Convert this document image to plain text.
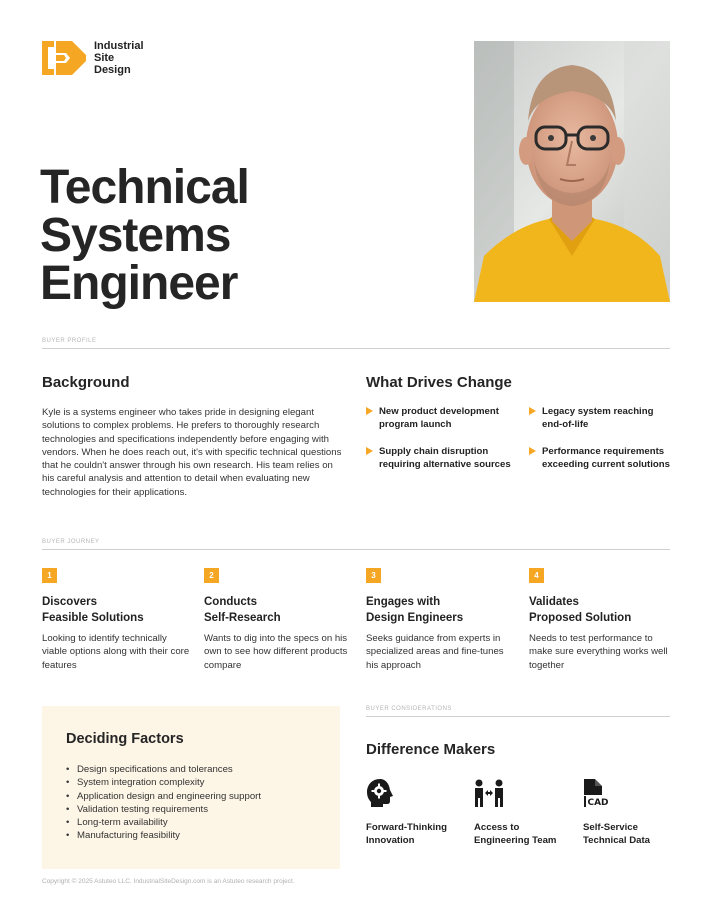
Industrial
Site
Design
Technical
Systems
Engineer
BUYER PROFILE
Background

Kyle is a systems engineer who takes pride in designing elegant solutions to complex problems. He prefers to thoroughly research technologies and specifications independently before engaging with vendors. When he does reach out, it's with specific technical questions that he couldn't answer through his own research. His team relies on his careful analysis and attention to detail when evaluating new technologies for their applications.

What Drives Change
New product development program launch
Legacy system reaching end-of-life
Supply chain disruption requiring alternative sources
Performance requirements exceeding current solutions
BUYER JOURNEY
1
Discovers
Feasible Solutions

Looking to identify technically viable options along with their core features

2
Conducts
Self-Research

Wants to dig into the specs on his own to see how different products compare

3
Engages with
Design Engineers

Seeks guidance from experts in specialized areas and fine-tunes his approach

4
Validates
Proposed Solution

Needs to test performance to make sure everything works well together

Deciding Factors
• Design specifications and tolerances
• System integration complexity
• Application design and engineering support
• Validation testing requirements
• Long-term availability
• Manufacturing feasibility
BUYER CONSIDERATIONS
Difference Makers
Forward-Thinking
Innovation
Access to
Engineering Team
CAD
Self-Service
Technical Data
Copyright © 2025 Astuteo LLC. IndustrialSiteDesign.com is an Astuteo research project.
